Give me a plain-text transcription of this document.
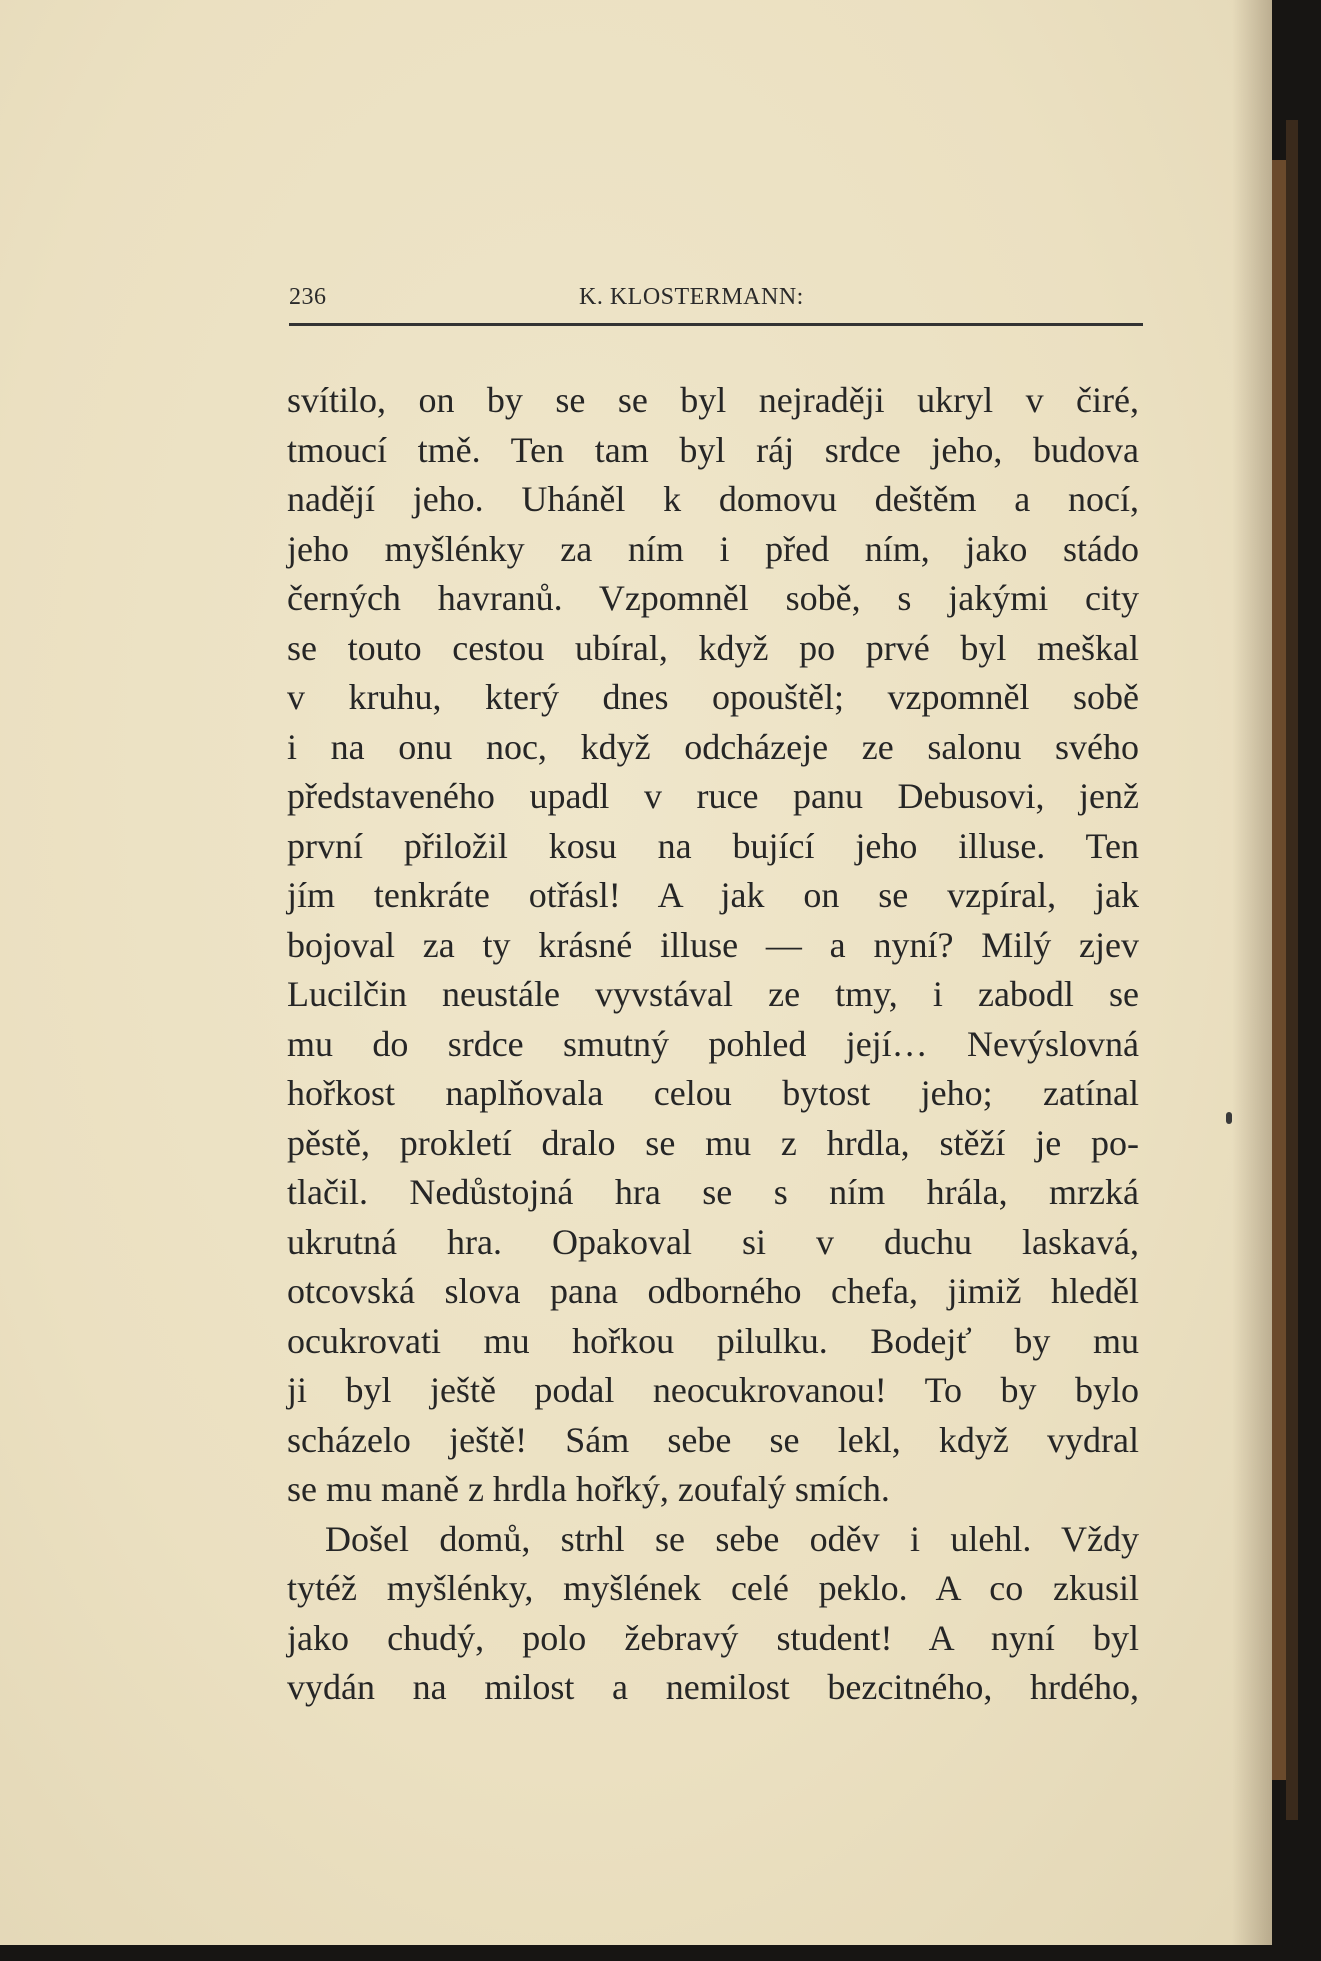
236	K. KLOSTERMANN:
svítilo, on by se se byl nejraději ukryl v čiré,
tmoucí tmě. Ten tam byl ráj srdce jeho, budova
nadějí jeho. Uháněl k domovu deštěm a nocí,
jeho myšlénky za ním i před ním, jako stádo
černých havranů. Vzpomněl sobě, s jakými city
se touto cestou ubíral, když po prvé byl meškal
v kruhu, který dnes opouštěl; vzpomněl sobě
i na onu noc, když odcházeje ze salonu svého
představeného upadl v ruce panu Debusovi, jenž
první přiložil kosu na bující jeho illuse. Ten
jím tenkráte otřásl! A jak on se vzpíral, jak
bojoval za ty krásné illuse — a nyní? Milý zjev
Lucilčin neustále vyvstával ze tmy, i zabodl se
mu do srdce smutný pohled její… Nevýslovná
hořkost naplňovala celou bytost jeho; zatínal
pěstě, prokletí dralo se mu z hrdla, stěží je po-
tlačil. Nedůstojná hra se s ním hrála, mrzká
ukrutná hra. Opakoval si v duchu laskavá,
otcovská slova pana odborného chefa, jimiž hleděl
ocukrovati mu hořkou pilulku. Bodejť by mu
ji byl ještě podal neocukrovanou! To by bylo
scházelo ještě! Sám sebe se lekl, když vydral
se mu maně z hrdla hořký, zoufalý smích.
Došel domů, strhl se sebe oděv i ulehl. Vždy
tytéž myšlénky, myšlének celé peklo. A co zkusil
jako chudý, polo žebravý student! A nyní byl
vydán na milost a nemilost bezcitného, hrdého,
